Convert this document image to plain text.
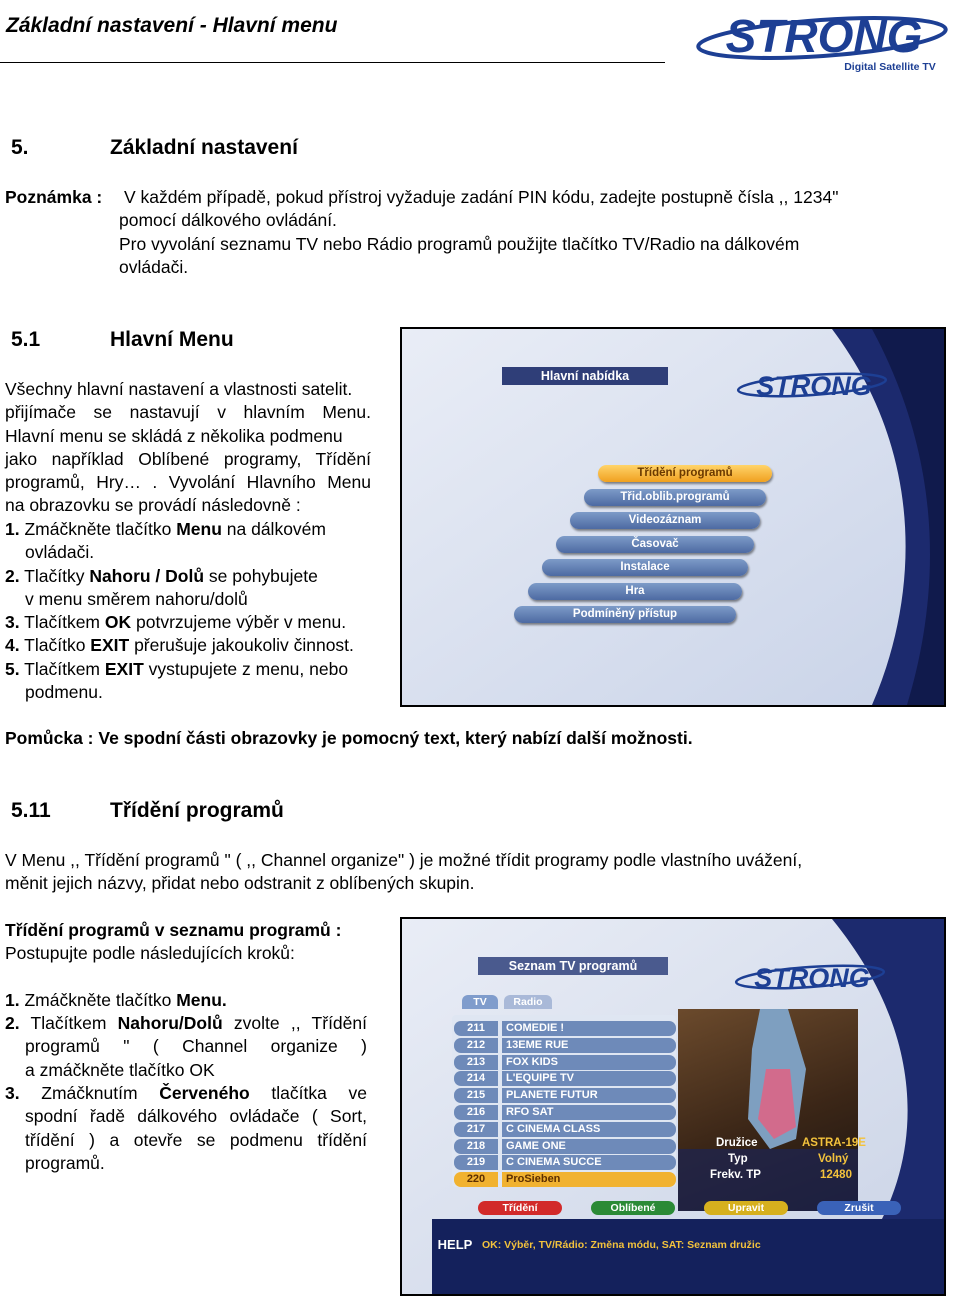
Základní nastavení - Hlavní menu	STRONG
Digital Satellite TV
5.	Základní nastavení
Poznámka : V každém případě, pokud přístroj vyžaduje zadání PIN kódu, zadejte postupně čísla ,, 1234"
pomocí dálkového ovládání.
Pro vyvolání seznamu TV nebo Rádio programů použijte tlačítko TV/Radio na dálkovém
ovládači.
5.1	Hlavní Menu
Všechny hlavní nastavení a vlastnosti satelit.
přijímače se nastavují v hlavním Menu.
Hlavní menu se skládá z několika podmenu
jako například Oblíbené programy, Třídění
programů, Hry… . Vyvolání Hlavního Menu
na obrazovku se provádí následovně :
1. Zmáčkněte tlačítko Menu na dálkovém
ovládači.
2. Tlačítky Nahoru / Dolů se pohybujete
v menu směrem nahoru/dolů
3. Tlačítkem OK potvrzujeme výběr v menu.
4. Tlačítko EXIT přerušuje jakoukoliv činnost.
5. Tlačítkem EXIT vystupujete z menu, nebo
podmenu.
Hlavní nabídka	STRONG
Třídění programů
Třid.oblib.programů
Videozáznam
Časovač
Instalace
Hra
Podmíněný přístup
Pomůcka : Ve spodní části obrazovky je pomocný text, který nabízí další možnosti.
5.11	Třídění programů
V Menu ,, Třídění programů " ( ,, Channel organize" ) je možné třídit programy podle vlastního uvážení,
měnit jejich názvy, přidat nebo odstranit z oblíbených skupin.
Třídění programů v seznamu programů :
Postupujte podle následujících kroků:
1. Zmáčkněte tlačítko Menu.
2. Tlačítkem Nahoru/Dolů zvolte ,, Třídění
programů " ( Channel organize )
a zmáčkněte tlačítko OK
3. Zmáčknutím Červeného tlačítka ve
spodní řadě dálkového ovládače ( Sort,
třídění ) a otevře se podmenu třídění
programů.
Seznam TV programů	STRONG
TV	Radio
211	COMEDIE !
212	13EME RUE
213	FOX KIDS
214	L'EQUIPE TV
215	PLANETE FUTUR
216	RFO SAT
217	C CINEMA CLASS
218	GAME ONE
219	C CINEMA SUCCE
220	ProSieben
Družice	ASTRA-19E
Typ	Volný
Frekv. TP	12480
Třídění	Oblíbené	Upravit	Zrušit
HELP OK: Výběr, TV/Rádio: Změna módu, SAT: Seznam družic
